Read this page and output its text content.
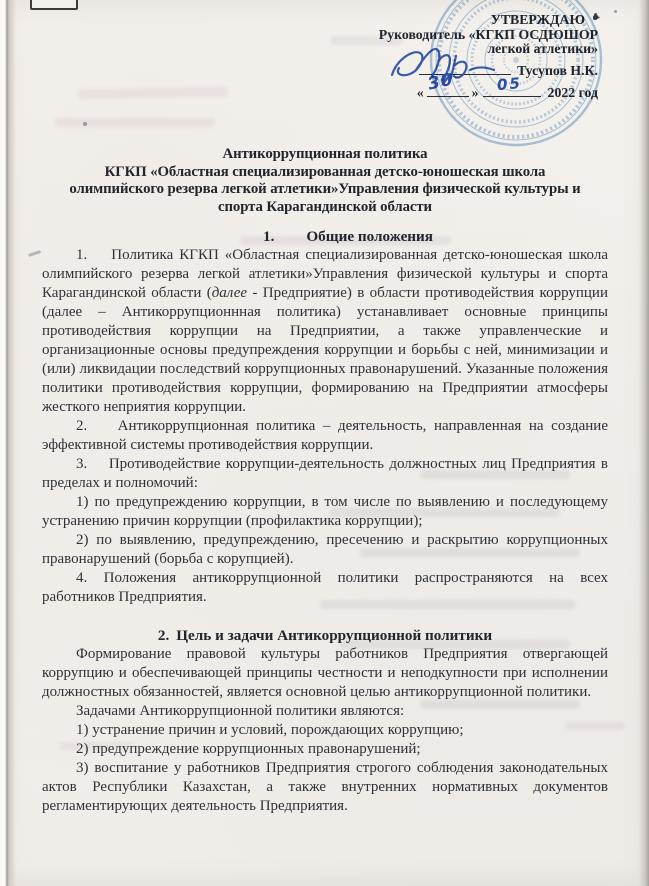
УТВЕРЖДАЮ
Руководитель «КГКП ОСДЮШОР
легкой атлетики»
Тусупов Н.К.
« 30 » 05 2022 год
Антикоррупционная политика
КГКП «Областная специализированная детско-юношеская школа
олимпийского резерва легкой атлетики»Управления физической культуры и
спорта Карагандинской области
1. Общие положения

1.    Политика КГКП «Областная специализированная детско-юношеская школа олимпийского резерва легкой атлетики»Управления физической культуры и спорта Карагандинской области (далее - Предприятие) в области противодействия коррупции (далее – Антикоррупционнная политика) устанавливает основные принципы противодействия коррупции на Предприятии, а также управленческие и организационные основы предупреждения коррупции и борьбы с ней, минимизации и (или) ликвидации последствий коррупционных правонарушений. Указанные положения политики противодействия коррупции, формированию на Предприятии атмосферы жесткого неприятия коррупции.

2.    Антикоррупционная политика – деятельность, направленная на создание эффективной системы противодействия коррупции.

3.    Противодействие коррупции-деятельность должностных лиц Предприятия в пределах и полномочий:

1) по предупреждению коррупции, в том числе по выявлению и последующему устранению причин коррупции (профилактика коррупции);

2) по выявлению, предупреждению, пресечению и раскрытию коррупционных правонарушений (борьба с корупцией).

4. Положения антикоррупционной политики распространяются на всех работников Предприятия.

2. Цель и задачи Антикоррупционной политики

Формирование правовой культуры работников Предприятия отвергающей коррупцию и обеспечивающей принципы честности и неподкупности при исполнении должностных обязанностей, является основной целью антикоррупционной политики.

Задачами Антикоррупционной политики являются:

1) устранение причин и условий, порождающих коррупцию;

2) предупреждение коррупционных правонарушений;

3) воспитание у работников Предприятия строгого соблюдения законодательных актов Республики Казахстан, а также внутренних нормативных документов регламентирующих деятельность Предприятия.
